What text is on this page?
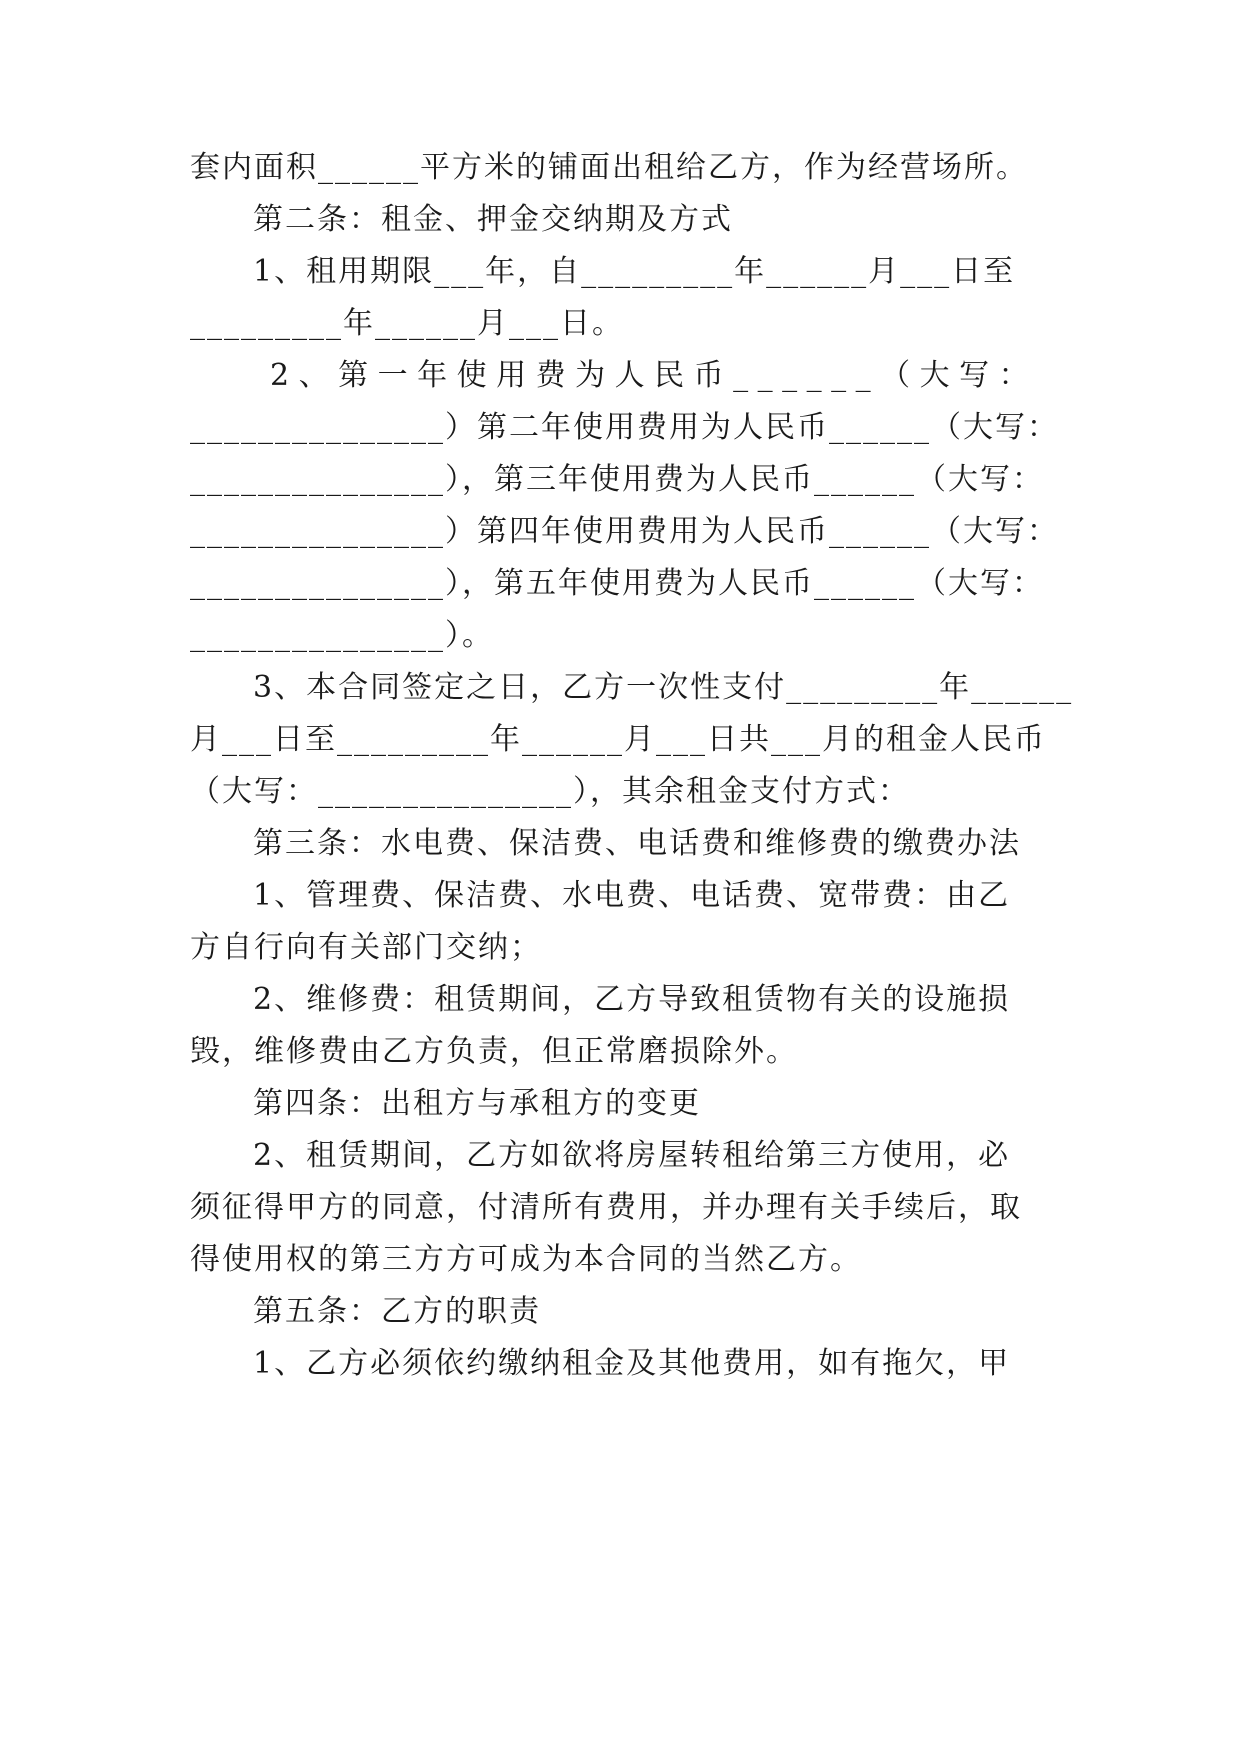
套内面积______平方米的铺面出租给乙方，作为经营场所。
第二条：租金、押金交纳期及方式
1、租用期限___年，自_________年______月___日至
_________年______月___日。
2、第一年使用费为人民币______（大写：
_______________）第二年使用费用为人民币______（大写：
_______________），第三年使用费为人民币______（大写：
_______________）第四年使用费用为人民币______（大写：
_______________），第五年使用费为人民币______（大写：
_______________）。
3、本合同签定之日，乙方一次性支付_________年______
月___日至_________年______月___日共___月的租金人民币
（大写：_______________），其余租金支付方式：
第三条：水电费、保洁费、电话费和维修费的缴费办法
1、管理费、保洁费、水电费、电话费、宽带费：由乙
方自行向有关部门交纳；
2、维修费：租赁期间，乙方导致租赁物有关的设施损
毁，维修费由乙方负责，但正常磨损除外。
第四条：出租方与承租方的变更
2、租赁期间，乙方如欲将房屋转租给第三方使用，必
须征得甲方的同意，付清所有费用，并办理有关手续后，取
得使用权的第三方方可成为本合同的当然乙方。
第五条：乙方的职责
1、乙方必须依约缴纳租金及其他费用，如有拖欠，甲
